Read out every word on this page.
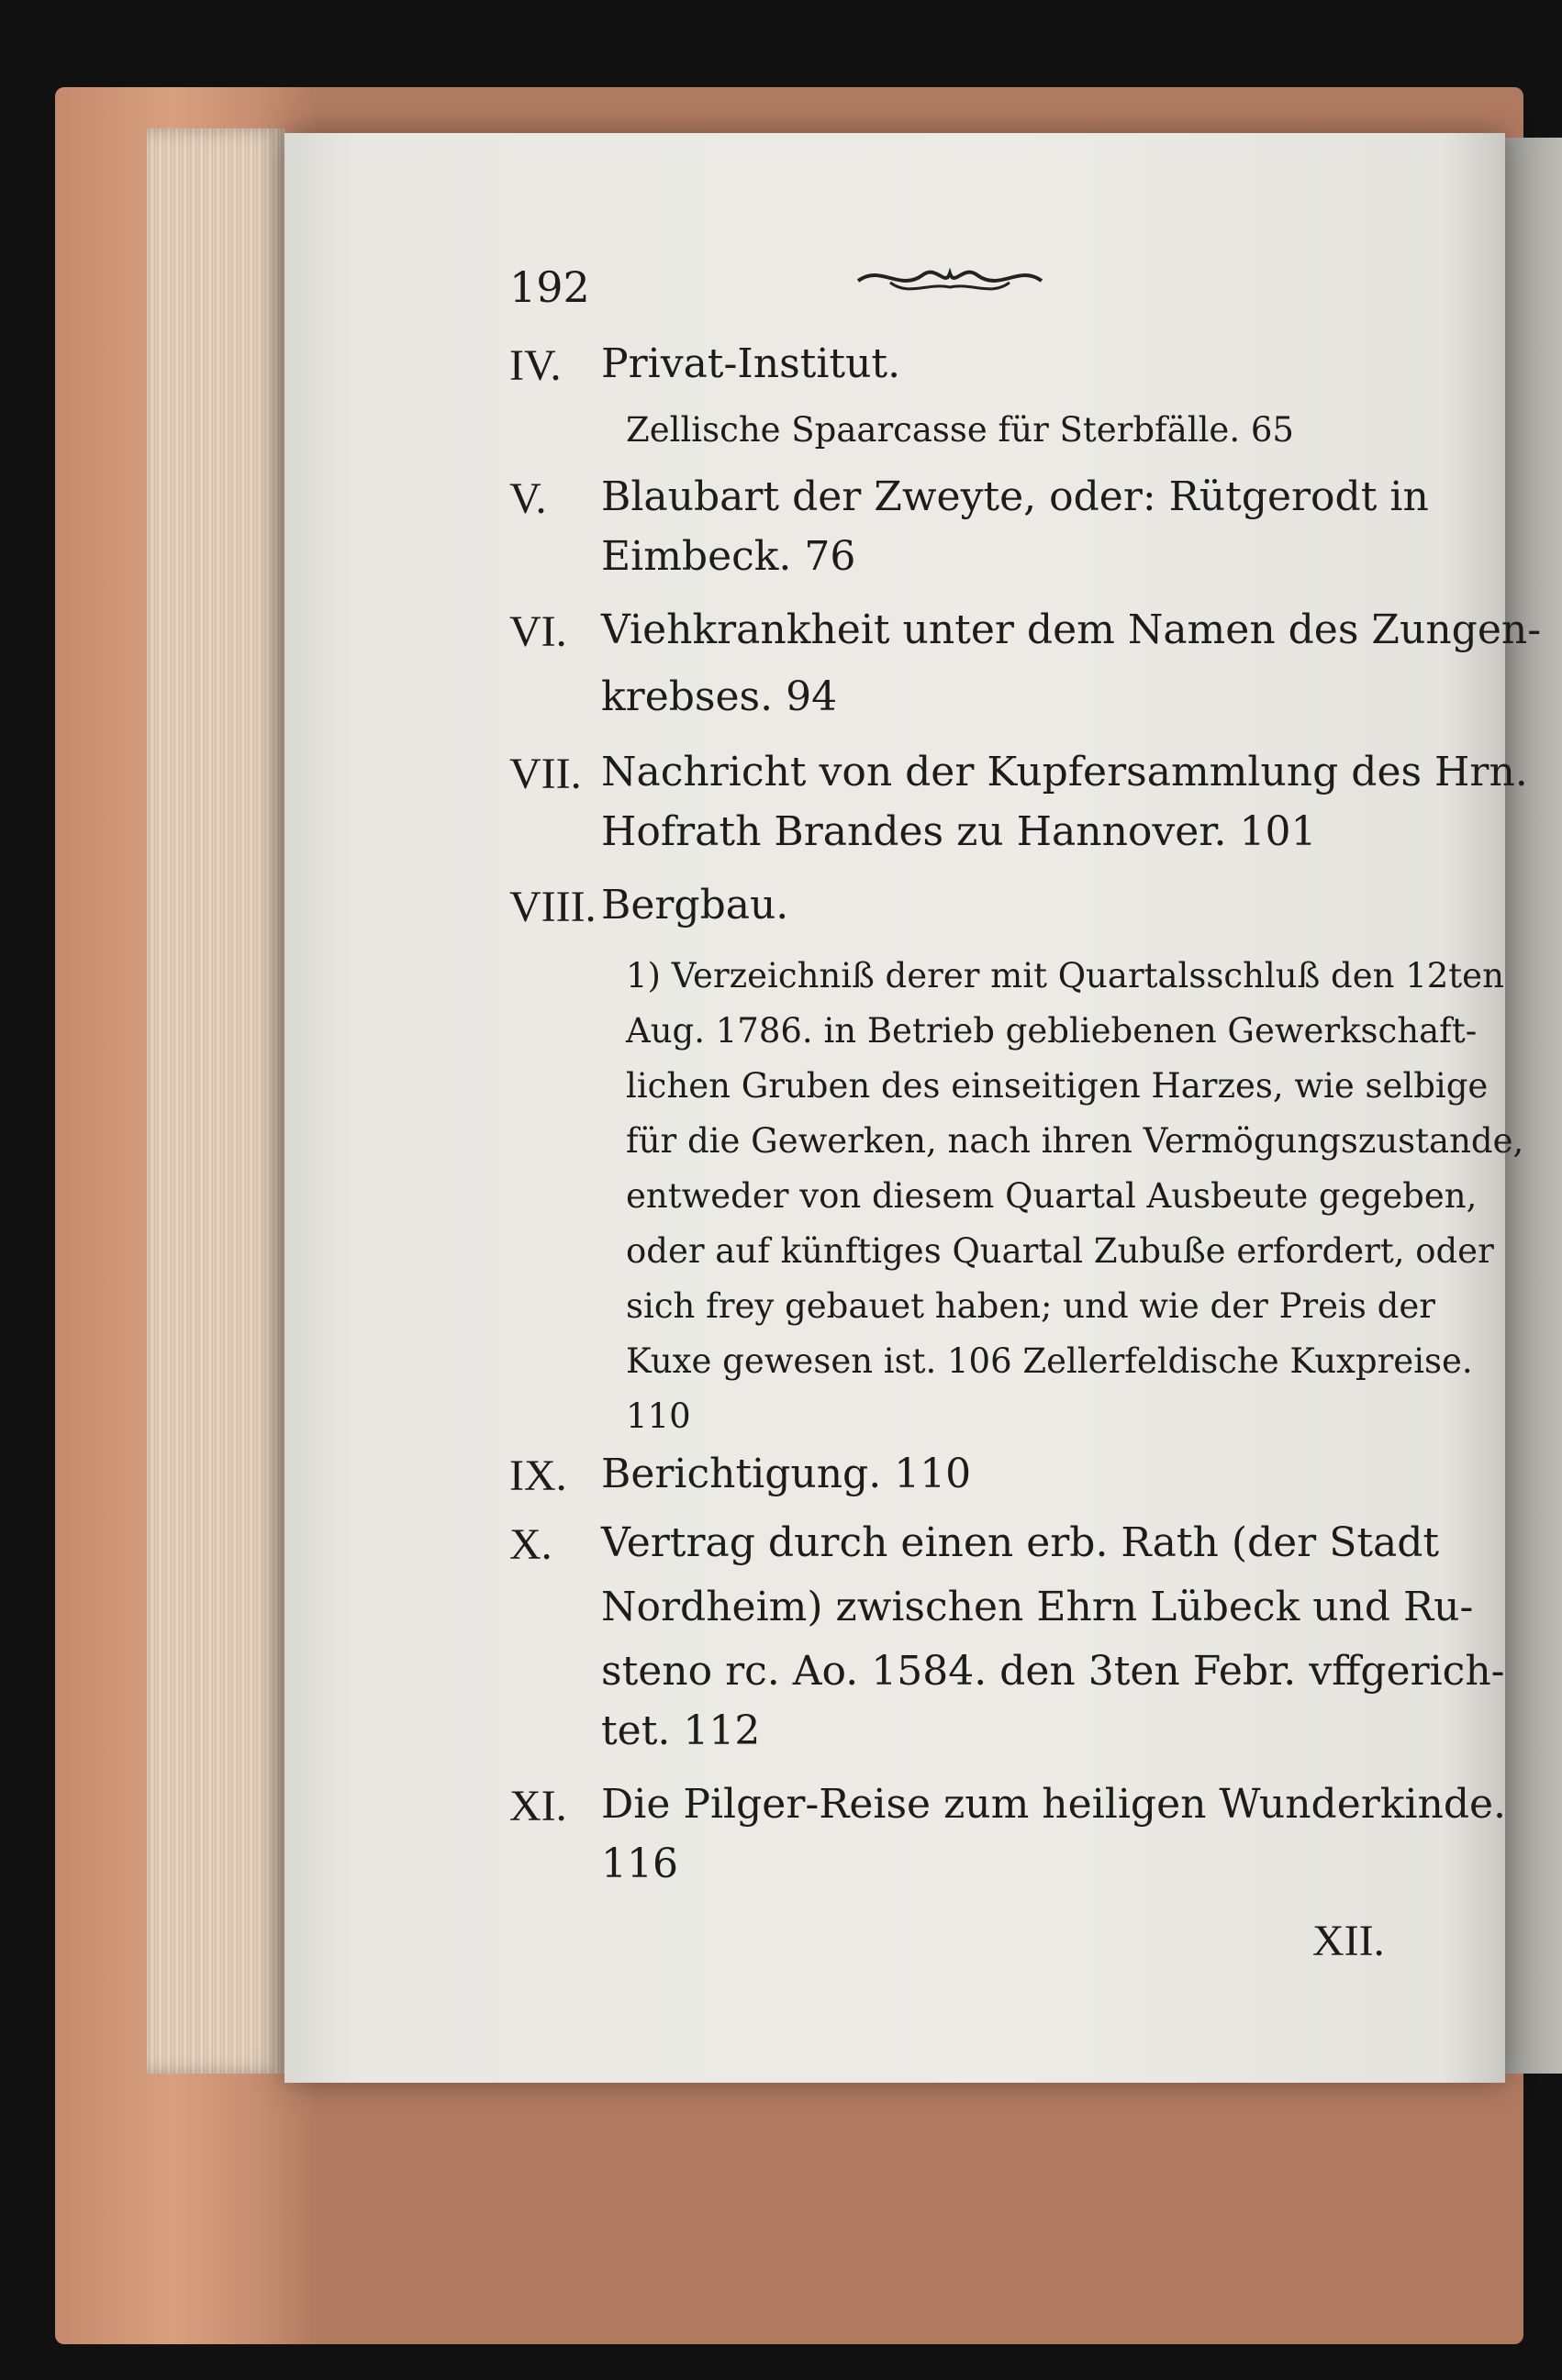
192
IV. Privat-Institut.
Zellische Spaarcasse für Sterbfälle. 65
V. Blaubart der Zweyte, oder: Rütgerodt in
Eimbeck. 76
VI. Viehkrankheit unter dem Namen des Zungen-
krebses. 94
VII. Nachricht von der Kupfersammlung des Hrn.
Hofrath Brandes zu Hannover. 101
VIII. Bergbau.
1) Verzeichniß derer mit Quartalsschluß den 12ten
Aug. 1786. in Betrieb gebliebenen Gewerkschaft-
lichen Gruben des einseitigen Harzes, wie selbige
für die Gewerken, nach ihren Vermögungszustande,
entweder von diesem Quartal Ausbeute gegeben,
oder auf künftiges Quartal Zubuße erfordert, oder
sich frey gebauet haben; und wie der Preis der
Kuxe gewesen ist. 106 Zellerfeldische Kuxpreise.
110
IX. Berichtigung. 110
X. Vertrag durch einen erb. Rath (der Stadt
Nordheim) zwischen Ehrn Lübeck und Ru-
steno rc. Ao. 1584. den 3ten Febr. vffgerich-
tet. 112
XI. Die Pilger-Reise zum heiligen Wunderkinde.
116
XII.
